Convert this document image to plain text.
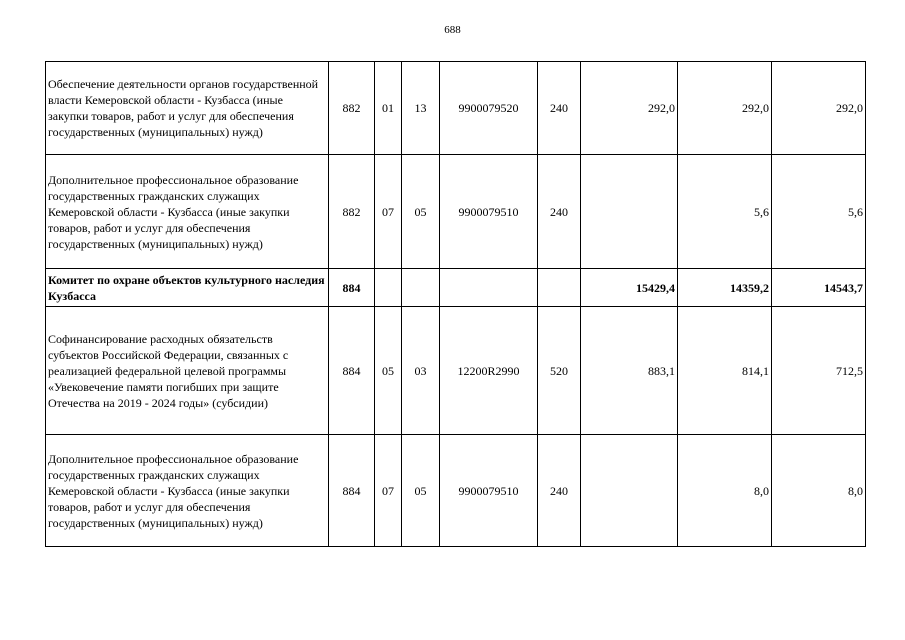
688
Обеспечение деятельности органов государственной власти Кемеровской области - Кузбасса (иные закупки товаров, работ и услуг для обеспечения государственных (муниципальных) нужд)	882	01	13	9900079520	240	292,0	292,0	292,0
Дополнительное профессиональное образование государственных гражданских служащих Кемеровской области - Кузбасса (иные закупки товаров, работ и услуг для обеспечения государственных (муниципальных) нужд)	882	07	05	9900079510	240		5,6	5,6
Комитет по охране объектов культурного наследия Кузбасса	884					15429,4	14359,2	14543,7
Софинансирование расходных обязательств субъектов Российской Федерации, связанных с реализацией федеральной целевой программы «Увековечение памяти погибших при защите Отечества на 2019 - 2024 годы» (субсидии)	884	05	03	12200R2990	520	883,1	814,1	712,5
Дополнительное профессиональное образование государственных гражданских служащих Кемеровской области - Кузбасса (иные закупки товаров, работ и услуг для обеспечения государственных (муниципальных) нужд)	884	07	05	9900079510	240		8,0	8,0
